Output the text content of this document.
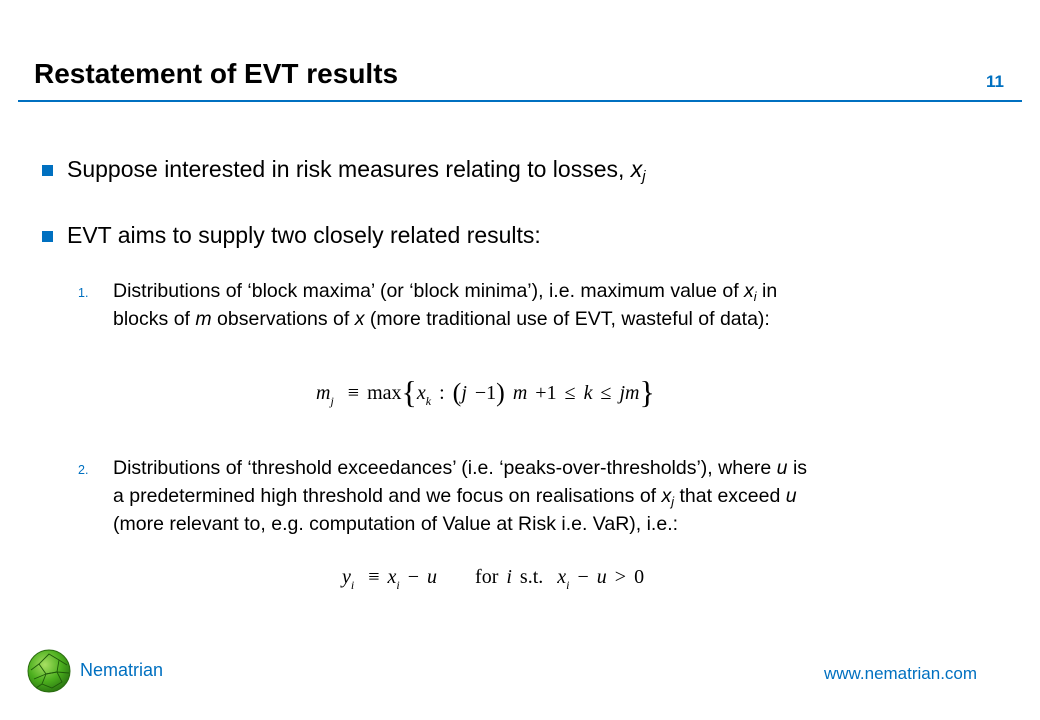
Restatement of EVT results	11
Suppose interested in risk measures relating to losses, $x_j$
EVT aims to supply two closely related results:
1. Distributions of ‘block maxima’ (or ‘block minima’), i.e. maximum value of $x_i$ in
blocks of m observations of x (more traditional use of EVT, wasteful of data):
$m_j \equiv \max\{x_k$ : (j −1) m +1 ≤ k ≤ jm}
2. Distributions of ‘threshold exceedances’ (i.e. ‘peaks-over-thresholds’), where u is
a predetermined high threshold and we focus on realisations of $x_j$ that exceed u
(more relevant to, e.g. computation of Value at Risk i.e. VaR), i.e.:
$y_i \equiv x_i - u$ for i s.t. $x_i - u > 0$
Nematrian	www.nematrian.com
